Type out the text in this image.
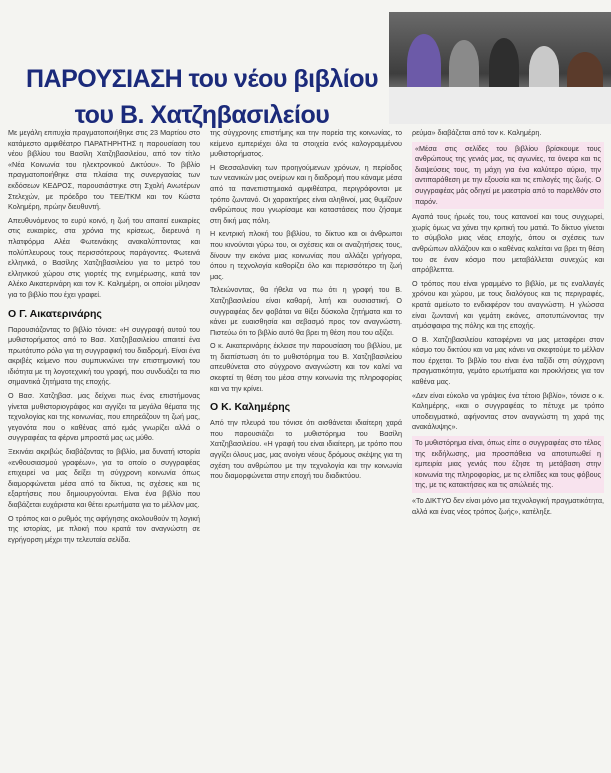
ΠΑΡΟΥΣΙΑΣΗ του νέου βιβλίου
του Β. Χατζηβασιλείου

Με μεγάλη επιτυχία πραγματοποιήθηκε στις 23 Μαρτίου στο κατάμεστο αμφιθέατρο ΠΑΡΑΤΗΡΗΤΗΣ η παρουσίαση του νέου βιβλίου του Βασίλη Χατζηβασιλείου, από τον τίτλο «Νέα Κοινωνία του ηλεκτρονικού Δικτύου». Το βιβλίο πραγματοποιήθηκε στα πλαίσια της συνεργασίας των εκδόσεων ΚΕΔΡΟΣ, παρουσιάστηκε στη Σχολή Ανωτέρων Στελεχών, με πρόεδρο του ΤΕΕ/ΤΚΜ και τον Κώστα Κολημέρη, πρώην διευθυντή.

Απευθυνόμενος το ευρύ κοινό, η ζωή του απαιτεί ευκαιρίες στις ευκαιρίες, στα χρόνια της κρίσεως, διερευνά η πλατφόρμα Αλέα Φωτεινάκης ανακαλύπτοντας και πολύπλευρους τους περισσότερους παράγοντες. Φωτεινά ελληνικά, ο Βασίλης Χατζηβασιλείου για το μετρό του ελληνικού χώρου στις γιορτές της ενημέρωσης, κατά τον Αλέκο Αικατερινάρη και τον Κ. Καλημέρη, οι οποίοι μίλησαν για το βιβλίο που έχει γραφεί.

Ο Γ. Αικατερινάρης

Παρουσιάζοντας το βιβλίο τόνισε: «Η συγγραφή αυτού του μυθιστορήματος από το Βασ. Χατζηβασιλείου απαιτεί ένα πρωτότυπο ρόλο για τη συγγραφική του διαδρομή. Είναι ένα ακριβές κείμενο που συμπυκνώνει την επιστημονική του ιδιότητα με τη λογοτεχνική του γραφή, που συνδυάζει τα πιο σημαντικά ζητήματα της εποχής.

Ο Βασ. Χατζηβασ. μας δείχνει πως ένας επιστήμονας γίνεται μυθιστοριογράφος και αγγίζει τα μεγάλα θέματα της τεχνολογίας και της κοινωνίας, που επηρεάζουν τη ζωή μας, γεγονότα που ο καθένας από εμάς γνωρίζει αλλά ο συγγραφέας τα φέρνει μπροστά μας ως μύθο.

Ξεκινάει ακριβώς διαβάζοντας το βιβλίο, μια δυνατή ιστορία «ενθουσιασμού γραφέων», για το οποίο ο συγγραφέας επιχειρεί να μας δείξει τη σύγχρονη κοινωνία όπως διαμορφώνεται μέσα από τα δίκτυα, τις σχέσεις και τις εξαρτήσεις που δημιουργούνται. Είναι ένα βιβλίο που διαβάζεται ευχάριστα και θέτει ερωτήματα για το μέλλον μας.

Ο τρόπος και ο ρυθμός της αφήγησης ακολουθούν τη λογική της ιστορίας, με πλοκή που κρατά τον αναγνώστη σε εγρήγορση μέχρι την τελευταία σελίδα.

της σύγχρονης επιστήμης και την πορεία της κοινωνίας, το κείμενο εμπεριέχει όλα τα στοιχεία ενός καλογραμμένου μυθιστορήματος.

Η Θεσσαλονίκη των προηγούμενων χρόνων, η περίοδος των νεανικών μας ονείρων και η διαδρομή που κάναμε μέσα από τα πανεπιστημιακά αμφιθέατρα, περιγράφονται με τρόπο ζωντανό. Οι χαρακτήρες είναι αληθινοί, μας θυμίζουν ανθρώπους που γνωρίσαμε και καταστάσεις που ζήσαμε στη δική μας πόλη.

Η κεντρική πλοκή του βιβλίου, το δίκτυο και οι άνθρωποι που κινούνται γύρω του, οι σχέσεις και οι αναζητήσεις τους, δίνουν την εικόνα μιας κοινωνίας που αλλάζει γρήγορα, όπου η τεχνολογία καθορίζει όλο και περισσότερο τη ζωή μας.

Τελειώνοντας, θα ήθελα να πω ότι η γραφή του Β. Χατζηβασιλείου είναι καθαρή, λιτή και ουσιαστική. Ο συγγραφέας δεν φοβάται να θίξει δύσκολα ζητήματα και το κάνει με ευαισθησία και σεβασμό προς τον αναγνώστη. Πιστεύω ότι το βιβλίο αυτό θα βρει τη θέση που του αξίζει.

Ο κ. Αικατερινάρης έκλεισε την παρουσίαση του βιβλίου, με τη διαπίστωση ότι το μυθιστόρημα του Β. Χατζηβασιλείου απευθύνεται στο σύγχρονο αναγνώστη και τον καλεί να σκεφτεί τη θέση του μέσα στην κοινωνία της πληροφορίας και να την κρίνει.

Ο Κ. Καλημέρης

Από την πλευρά του τόνισε ότι αισθάνεται ιδιαίτερη χαρά που παρουσιάζει το μυθιστόρημα του Βασίλη Χατζηβασιλείου. «Η γραφή του είναι ιδιαίτερη, με τρόπο που αγγίζει όλους μας, μας ανοίγει νέους δρόμους σκέψης για τη σχέση του ανθρώπου με την τεχνολογία και την κοινωνία που διαμορφώνεται στην εποχή του διαδικτύου.

ρεύμα» διαβάζεται από τον κ. Καλημέρη.

«Μέσα στις σελίδες του βιβλίου βρίσκουμε τους ανθρώπους της γενιάς μας, τις αγωνίες, τα όνειρα και τις διαψεύσεις τους, τη μάχη για ένα καλύτερο αύριο, την αντιπαράθεση με την εξουσία και τις επιλογές της ζωής. Ο συγγραφέας μάς οδηγεί με μαεστρία από το παρελθόν στο παρόν.

Αγαπά τους ήρωές του, τους κατανοεί και τους συγχωρεί, χωρίς όμως να χάνει την κριτική του ματιά. Το δίκτυο γίνεται το σύμβολο μιας νέας εποχής, όπου οι σχέσεις των ανθρώπων αλλάζουν και ο καθένας καλείται να βρει τη θέση του σε έναν κόσμο που μεταβάλλεται συνεχώς και απρόβλεπτα.

Ο τρόπος που είναι γραμμένο το βιβλίο, με τις εναλλαγές χρόνου και χώρου, με τους διαλόγους και τις περιγραφές, κρατά αμείωτο το ενδιαφέρον του αναγνώστη. Η γλώσσα είναι ζωντανή και γεμάτη εικόνες, αποτυπώνοντας την ατμόσφαιρα της πόλης και της εποχής.

Ο Β. Χατζηβασιλείου καταφέρνει να μας μεταφέρει στον κόσμο του δικτύου και να μας κάνει να σκεφτούμε το μέλλον που έρχεται. Το βιβλίο του είναι ένα ταξίδι στη σύγχρονη πραγματικότητα, γεμάτο ερωτήματα και προκλήσεις για τον καθένα μας.

«Δεν είναι εύκολο να γράψεις ένα τέτοιο βιβλίο», τόνισε ο κ. Καλημέρης, «και ο συγγραφέας το πέτυχε με τρόπο υποδειγματικό, αφήνοντας στον αναγνώστη τη χαρά της ανακάλυψης».

Το μυθιστόρημα είναι, όπως είπε ο συγγραφέας στο τέλος της εκδήλωσης, μια προσπάθεια να αποτυπωθεί η εμπειρία μιας γενιάς που έζησε τη μετάβαση στην κοινωνία της πληροφορίας, με τις ελπίδες και τους φόβους της, με τις κατακτήσεις και τις απώλειές της.

«Το ΔΙΚΤΥΟ δεν είναι μόνο μια τεχνολογική πραγματικότητα, αλλά και ένας νέος τρόπος ζωής», κατέληξε.
